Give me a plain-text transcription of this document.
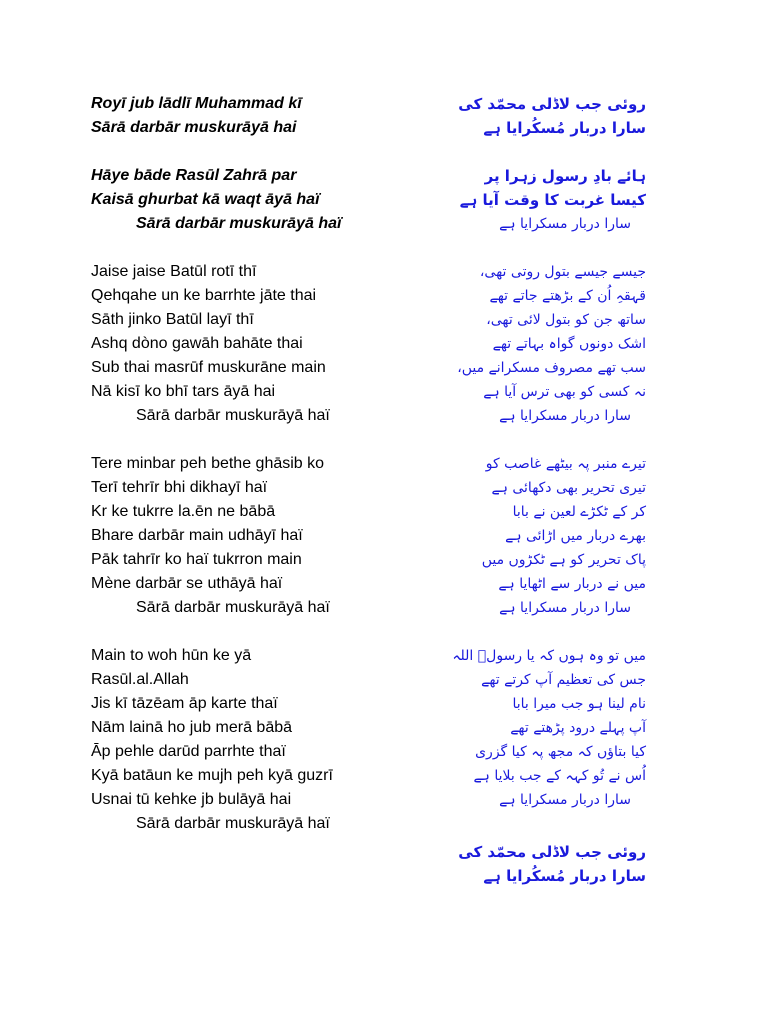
Royī jub lādlī Muhammad kī
Sārā darbār muskurāyā hai
Hāye bāde Rasūl Zahrā par
Kaisā ghurbat kā waqt āyā haï
Sārā darbār muskurāyā haï
Jaise jaise Batūl rotī thī
Qehqahe un ke barrhte jāte thai
Sāth jinko Batūl layī thī
Ashq dòno gawāh bahāte thai
Sub thai masrūf muskurāne main
Nā kisī ko bhī tars āyā hai
Sārā darbār muskurāyā haï
Tere minbar peh bethe ghāsib ko
Terī tehrīr bhi dikhayī haï
Kr ke tukrre la.ēn ne bābā
Bhare darbār main udhāyī haï
Pāk tahrīr ko haï tukrron main
Mène darbār se uthāyā haï
Sārā darbār muskurāyā haï
Main to woh hūn ke yā
Rasūl.al.Allah
Jis kī tāzēam āp karte thaï
Nām lainā ho jub merā bābā
Āp pehle darūd parrhte thaï
Kyā batāun ke mujh peh kyā guzrī
Usnai tū kehke jb bulāyā hai
Sārā darbār muskurāyā haï
روئی جب لاڈلی محمّد کی
سارا دربار مُسکُرایا ہے
ہائے بادِ رسول زہرا پر
کیسا غربت کا وقت آیا ہے
سارا دربار مسکرایا ہے
جیسے جیسے بتول روتی تھی،
قہقہِ اُن کے بڑھتے جاتے تھے
ساتھ جن کو بتول لائی تھی،
اشک دونوں گواہ بہاتے تھے
سب تھے مصروف مسکرانے میں،
نہ کسی کو بھی ترس آیا ہے
سارا دربار مسکرایا ہے
تیرے منبر پہ بیٹھے غاصب کو
تیری تحریر بھی دکھائی ہے
کر کے ٹکڑے لعین نے بابا
بھرے دربار میں اڑائی ہے
پاک تحریر کو ہے ٹکڑوں میں
میں نے دربار سے اٹھایا ہے
سارا دربار مسکرایا ہے
میں تو وہ ہوں کہ یا رسولؐ اللہ
جس کی تعظیم آپ کرتے تھے
نام لینا ہو جب میرا بابا
آپ پہلے درود پڑھتے تھے
کیا بتاؤں کہ مجھ پہ کیا گزری
اُس نے تُو کہہ کے جب بلایا ہے
سارا دربار مسکرایا ہے
روئی جب لاڈلی محمّد کی
سارا دربار مُسکُرایا ہے
